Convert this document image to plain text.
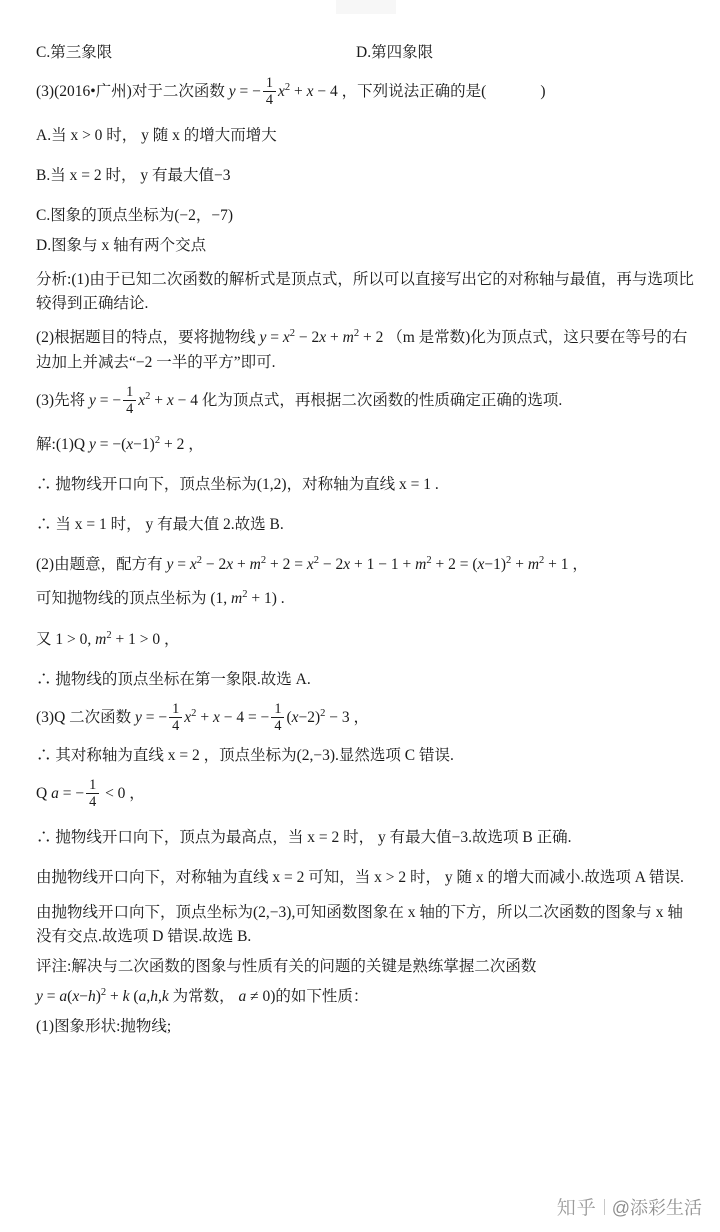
C.第三象限	D.第四象限
(3)(2016•广州)对于二次函数 y = − $\frac{1}{4} x^2 + x - 4$ ，下列说法正确的是(	)
A.当 x > 0 时， y 随 x 的增大而增大
B.当 x = 2 时， y 有最大值−3
C.图象的顶点坐标为(−2，−7)
D.图象与 x 轴有两个交点
分析:(1)由于已知二次函数的解析式是顶点式，所以可以直接写出它的对称轴与最值，再与选项比较得到正确结论.
(2)根据题目的特点，要将抛物线 $y = x^2 - 2x + m^2 + 2$ （m 是常数)化为顶点式，这只要在等号的右边加上并减去“−2 一半的平方”即可.
(3)先将 y = − $\frac{1}{4} x^2 + x - 4$ 化为顶点式，再根据二次函数的性质确定正确的选项.
解:(1)Q $y = -(x-1)^2 + 2$ ，
∴ 抛物线开口向下，顶点坐标为(1,2)，对称轴为直线 x = 1 .
∴ 当 x = 1 时， y 有最大值 2.故选 B.
(2)由题意，配方有 $y = x^2 - 2x + m^2 + 2 = x^2 - 2x + 1 - 1 + m^2 + 2 = (x-1)^2 + m^2 + 1$ ，
可知抛物线的顶点坐标为 (1, $m^2 + 1$) .
又 1 > 0, $m^2 + 1 > 0$ ，
∴ 抛物线的顶点坐标在第一象限.故选 A.
(3)Q 二次函数 y = − $\frac{1}{4} x^2 + x - 4$ = − $\frac{1}{4} (x-2)^2 - 3$ ，
∴ 其对称轴为直线 x = 2 ，顶点坐标为(2,−3).显然选项 C 错误.
Q a = − $\frac{1}{4} < 0$ ，
∴ 抛物线开口向下，顶点为最高点，当 x = 2 时， y 有最大值−3.故选项 B 正确.
由抛物线开口向下，对称轴为直线 x = 2 可知，当 x > 2 时， y 随 x 的增大而减小.故选项 A 错误.
由抛物线开口向下，顶点坐标为(2,−3),可知函数图象在 x 轴的下方，所以二次函数的图象与 x 轴没有交点.故选项 D 错误.故选 B.
评注:解决与二次函数的图象与性质有关的问题的关键是熟练掌握二次函数
$y = a(x-h)^2 + k$ (a,h,k 为常数， a ≠ 0)的如下性质：
(1)图象形状:抛物线;
知乎 @添彩生活
